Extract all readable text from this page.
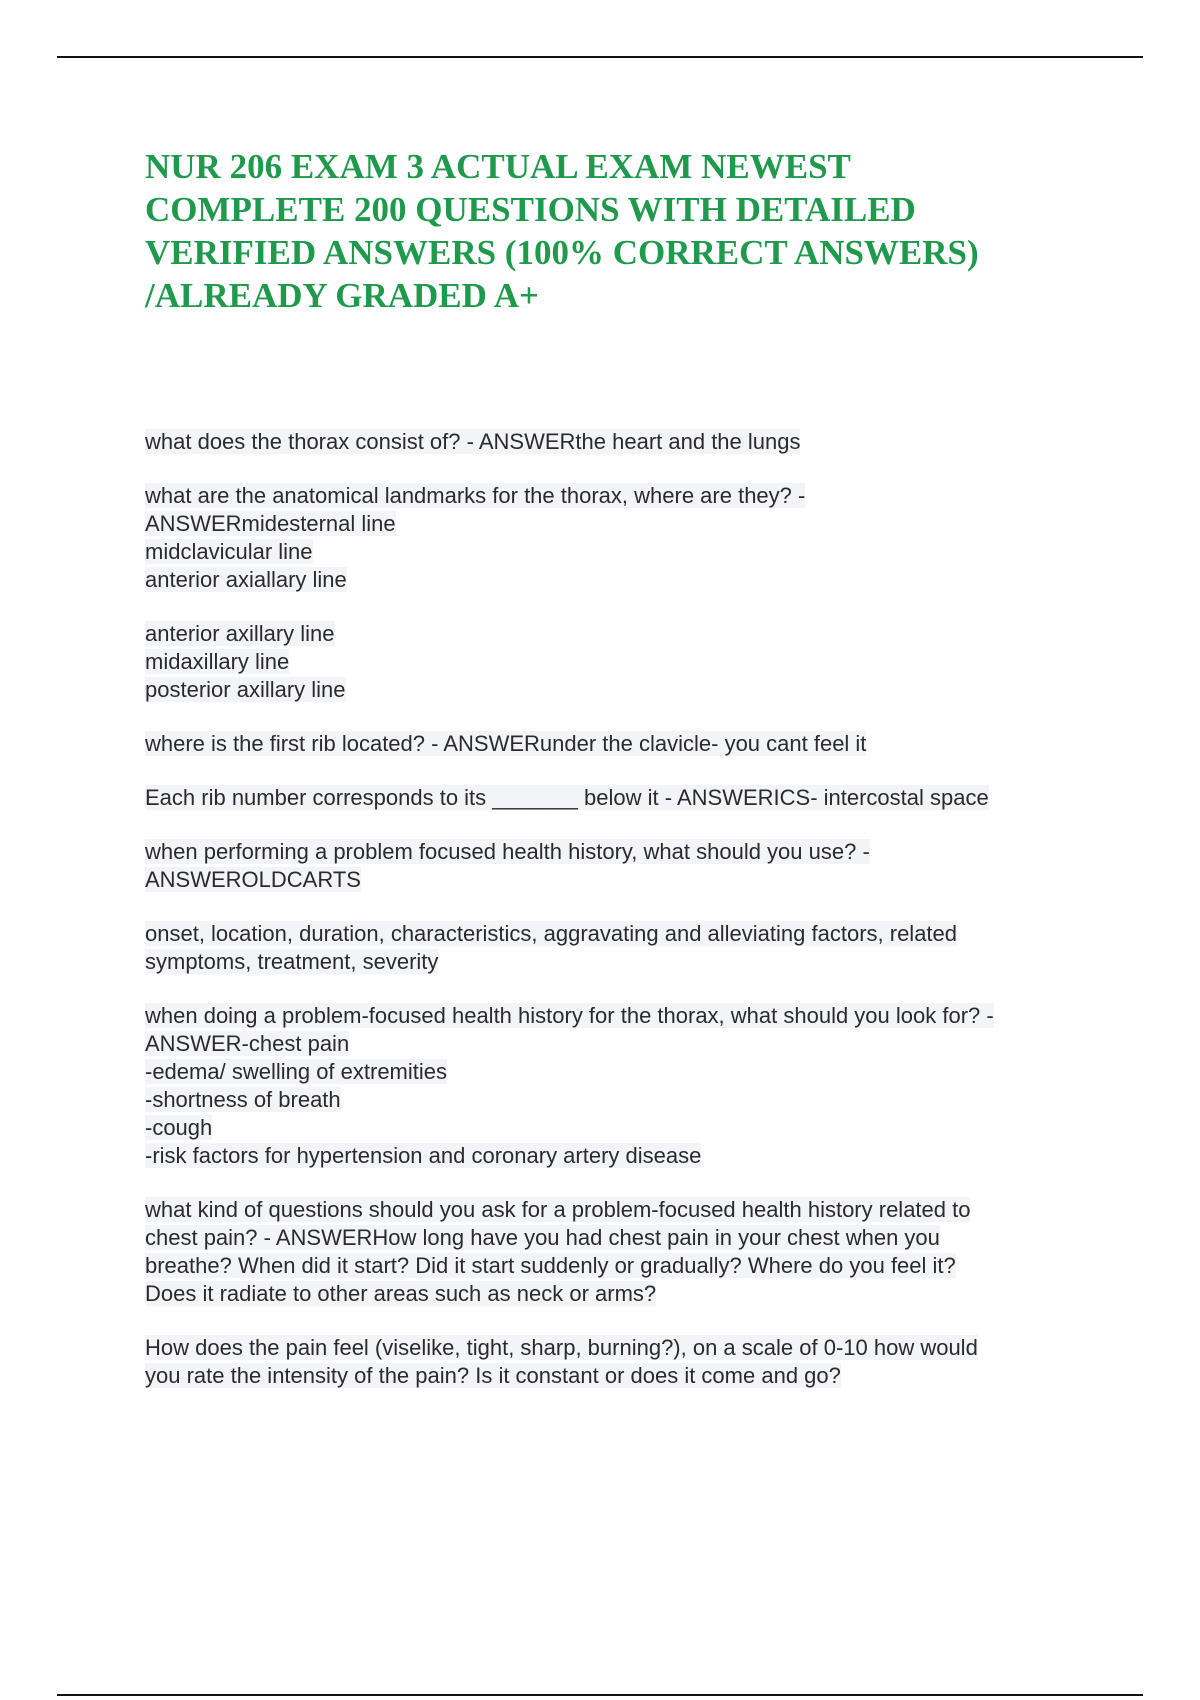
NUR 206 EXAM 3 ACTUAL EXAM NEWEST
COMPLETE 200 QUESTIONS WITH DETAILED
VERIFIED ANSWERS (100% CORRECT ANSWERS)
/ALREADY GRADED A+
what does the thorax consist of? - ANSWERthe heart and the lungs
what are the anatomical landmarks for the thorax, where are they? -
ANSWERmidesternal line
midclavicular line
anterior axiallary line
anterior axillary line
midaxillary line
posterior axillary line
where is the first rib located? - ANSWERunder the clavicle- you cant feel it
Each rib number corresponds to its _______ below it - ANSWERICS- intercostal space
when performing a problem focused health history, what should you use? -
ANSWEROLDCARTS
onset, location, duration, characteristics, aggravating and alleviating factors, related
symptoms, treatment, severity
when doing a problem-focused health history for the thorax, what should you look for? -
ANSWER-chest pain
-edema/ swelling of extremities
-shortness of breath
-cough
-risk factors for hypertension and coronary artery disease
what kind of questions should you ask for a problem-focused health history related to
chest pain? - ANSWERHow long have you had chest pain in your chest when you
breathe? When did it start? Did it start suddenly or gradually? Where do you feel it?
Does it radiate to other areas such as neck or arms?
How does the pain feel (viselike, tight, sharp, burning?), on a scale of 0-10 how would
you rate the intensity of the pain? Is it constant or does it come and go?
